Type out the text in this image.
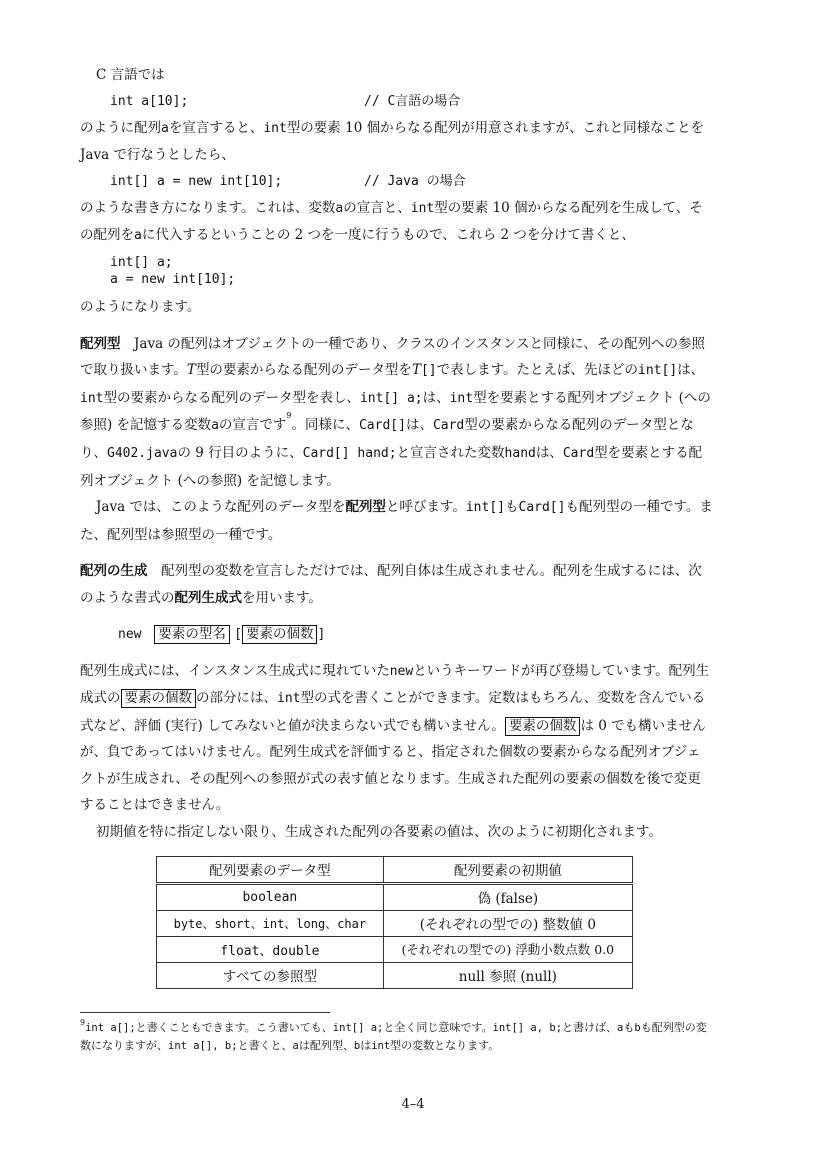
C 言語では

int a[10];	// C言語の場合

のように配列aを宣言すると、int型の要素 10 個からなる配列が用意されますが、これと同様なことを Java で行なうとしたら、

int[] a = new int[10];	// Java の場合

のような書き方になります。これは、変数aの宣言と、int型の要素 10 個からなる配列を生成して、その配列をaに代入するということの 2 つを一度に行うもので、これら 2 つを分けて書くと、

int[] a;
a = new int[10];

のようになります。

配列型　 Java の配列はオブジェクトの一種であり、クラスのインスタンスと同様に、その配列への参照で取り扱います。T型の要素からなる配列のデータ型をT[]で表します。たとえば、先ほどのint[]は、int型の要素からなる配列のデータ型を表し、int[] a;は、int型を要素とする配列オブジェクト (への参照) を記憶する変数aの宣言です$^9$。同様に、Card[]は、Card型の要素からなる配列のデータ型となり、G402.javaの 9 行目のように、Card[] hand;と宣言された変数handは、Card型を要素とする配列オブジェクト (への参照) を記憶します。

Java では、このような配列のデータ型を配列型と呼びます。int[]もCard[]も配列型の一種です。また、配列型は参照型の一種です。

配列の生成　 配列型の変数を宣言しただけでは、配列自体は生成されません。配列を生成するには、次のような書式の配列生成式を用います。

new 要素の型名 [ 要素の個数 ]

配列生成式には、インスタンス生成式に現れていたnewというキーワードが再び登場しています。配列生成式の 要素の個数 の部分には、int型の式を書くことができます。定数はもちろん、変数を含んでいる式など、評価 (実行) してみないと値が決まらない式でも構いません。 要素の個数 は 0 でも構いませんが、負であってはいけません。配列生成式を評価すると、指定された個数の要素からなる配列オブジェクトが生成され、その配列への参照が式の表す値となります。生成された配列の要素の個数を後で変更することはできません。

初期値を特に指定しない限り、生成された配列の各要素の値は、次のように初期化されます。

配列要素のデータ型	配列要素の初期値
boolean	偽 (false)
byte、short、int、long、char	(それぞれの型での) 整数値 0
float、double	(それぞれの型での) 浮動小数点数 0.0
すべての参照型	null 参照 (null)
$^9$int a[];と書くこともできます。こう書いても、int[] a;と全く同じ意味です。int[] a, b;と書けば、aもbも配列型の変数になりますが、int a[], b;と書くと、aは配列型、bはint型の変数となります。
4–4
